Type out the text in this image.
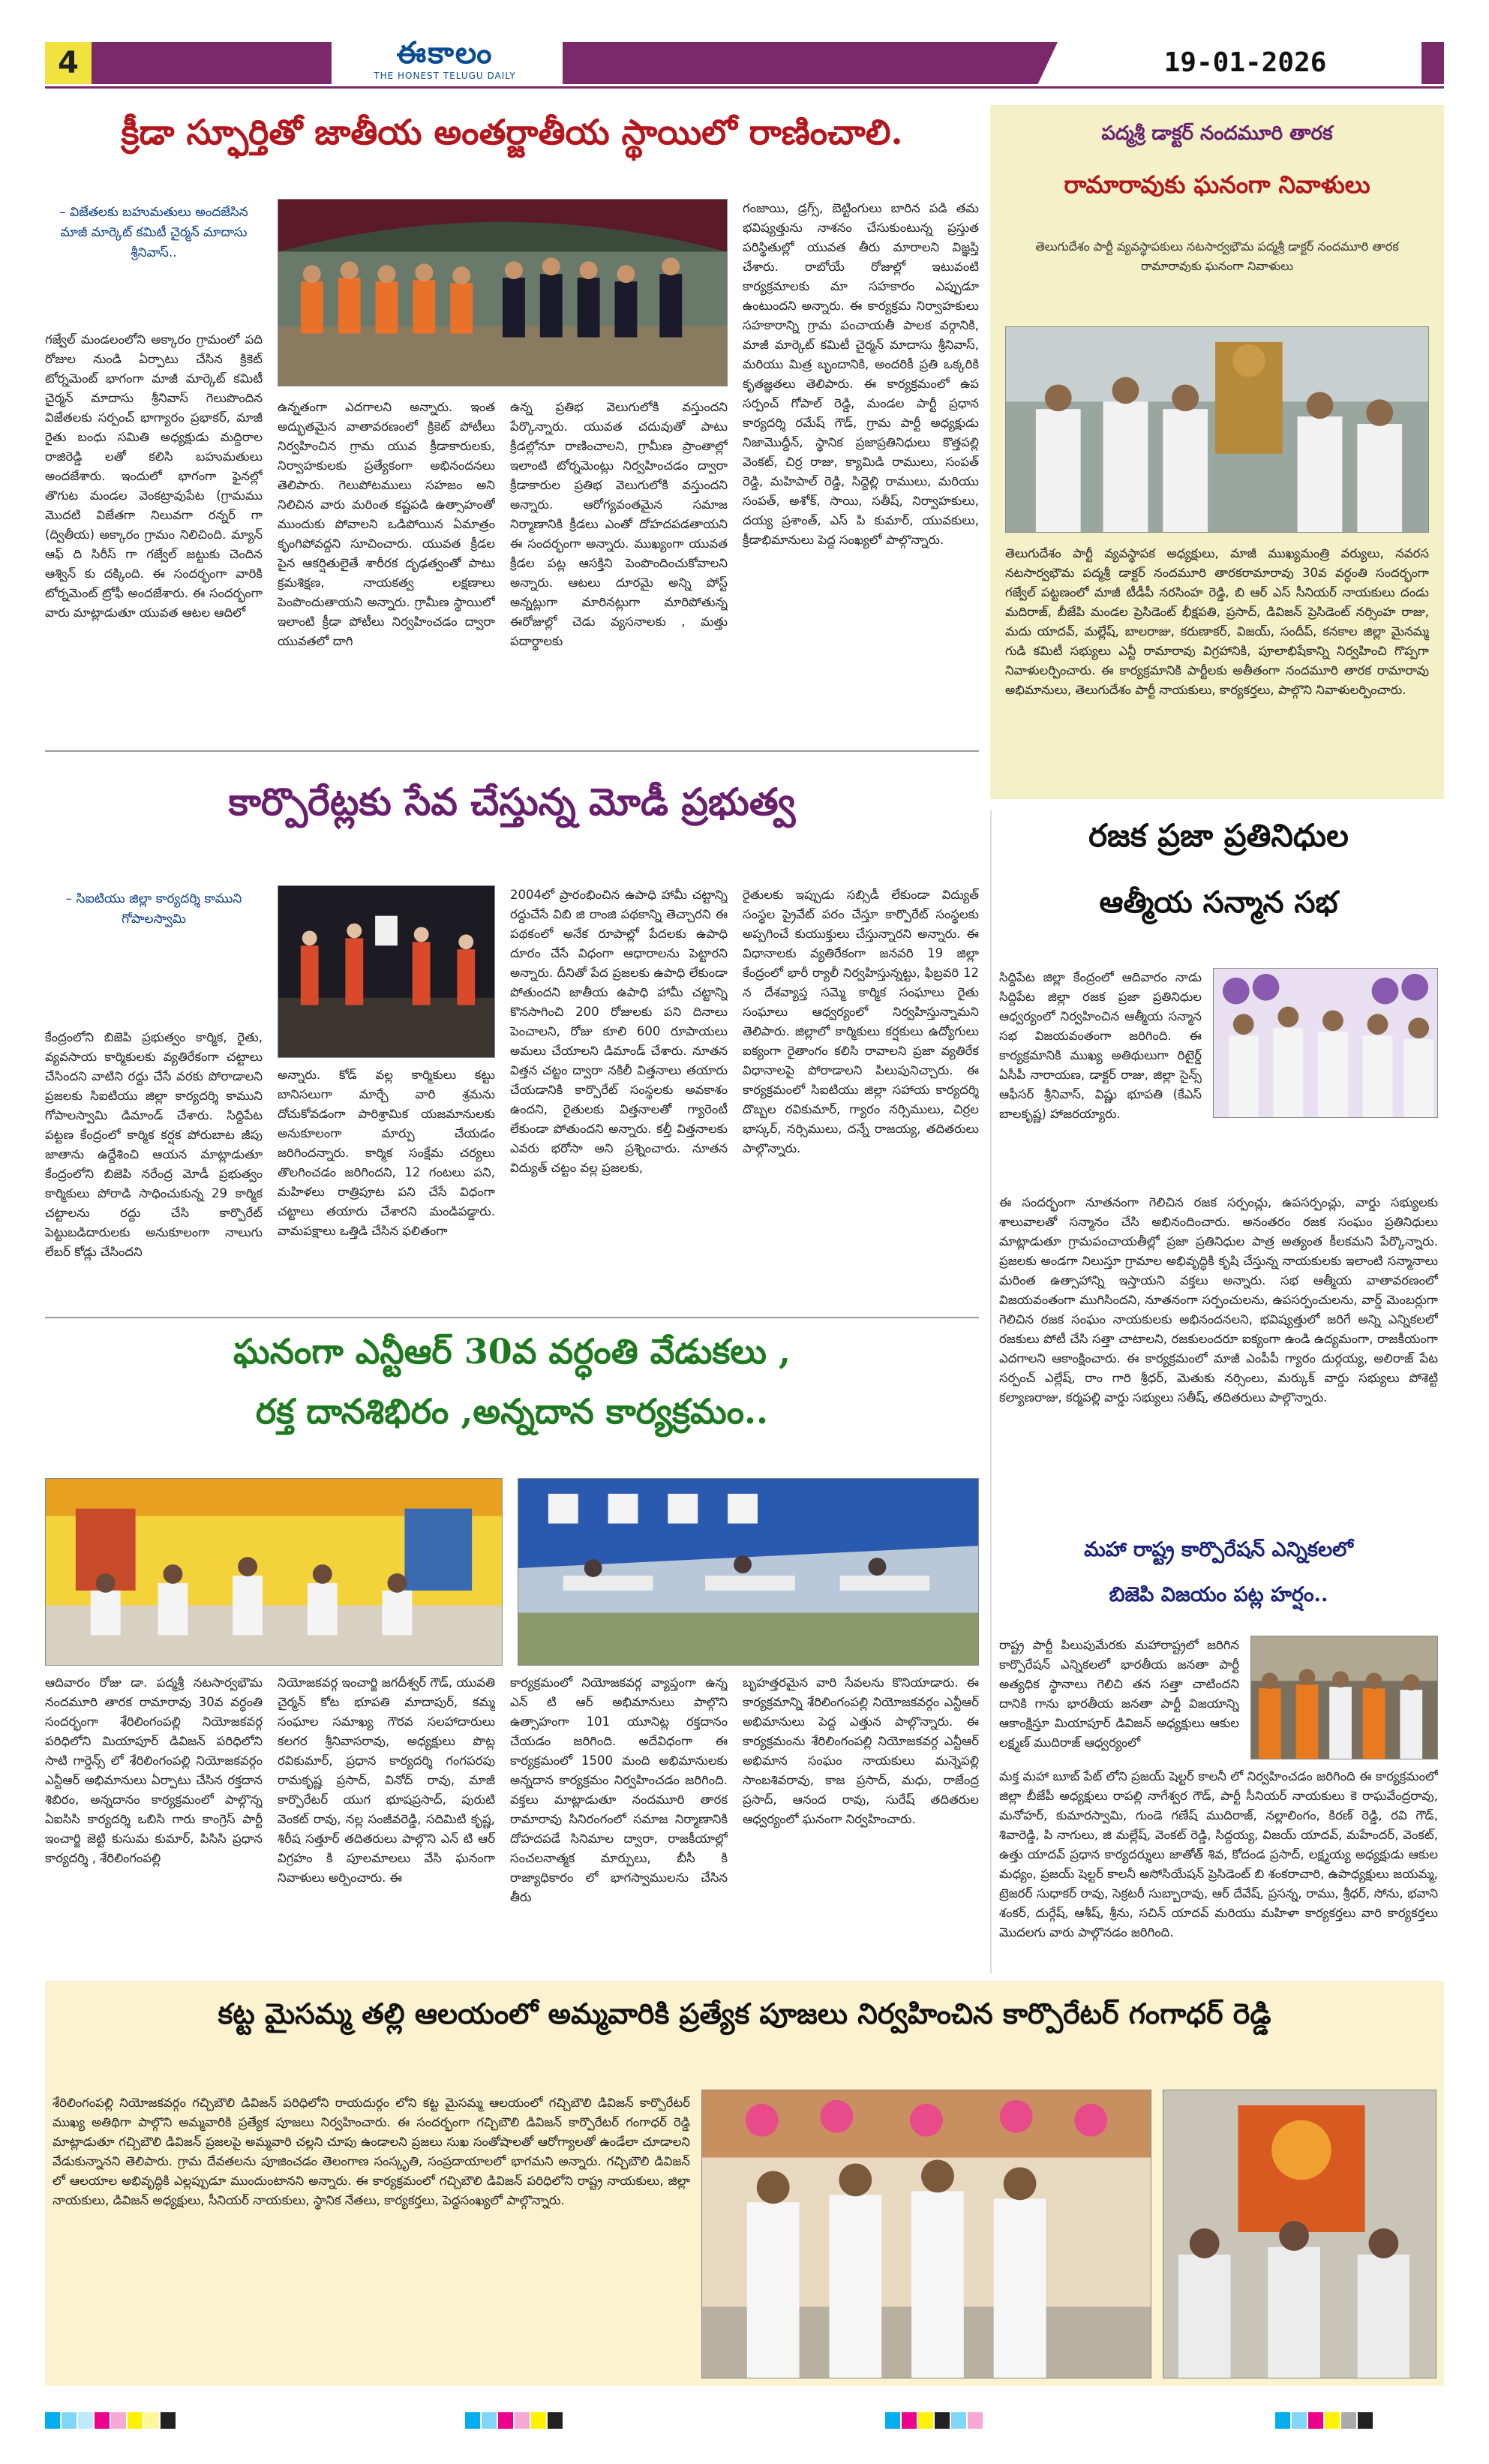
4	ఈకాలం
THE HONEST TELUGU DAILY	19-01-2026
క్రీడా స్ఫూర్తితో జాతీయ అంతర్జాతీయ స్థాయిలో రాణించాలి.
– విజేతలకు బహుమతులు అందజేసిన మాజీ మార్కెట్ కమిటీ చైర్మన్ మాదాసు శ్రీనివాస్..
గజ్వేల్ మండలంలోని అక్కారం గ్రామంలో పది రోజుల నుండి ఏర్పాటు చేసిన క్రికెట్ టోర్నమెంట్ భాగంగా మాజీ మార్కెట్ కమిటీ చైర్మన్ మాదాసు శ్రీనివాస్ గెలుపొందిన విజేతలకు సర్పంచ్ భాగ్యారం ప్రభాకర్, మాజీ రైతు బంధు సమితి అధ్యక్షుడు మద్దిరాల రాజిరెడ్డి లతో కలిసి బహుమతులు అందజేశారు. ఇందులో భాగంగా ఫైనల్లో తొగుట మండల వెంకట్రావుపేట (గ్రామము మొదటి విజేతగా నిలువగా రన్నర్ గా (ద్వితీయ) అక్కారం గ్రామం నిలిచింది. మ్యాన్ ఆఫ్ ది సిరీస్ గా గజ్వేల్ జట్టుకు చెందిన ఆశ్విన్ కు దక్కింది. ఈ సందర్భంగా వారికి టోర్నమెంట్ ట్రోఫీ అందజేశారు. ఈ సందర్భంగా వారు మాట్లాడుతూ యువత ఆటల ఆదిలో
ఉన్నతంగా ఎదగాలని అన్నారు. ఇంత అద్భుతమైన వాతావరణంలో క్రికెట్ పోటీలు నిర్వహించిన గ్రామ యువ క్రీడాకారులకు, నిర్వాహకులకు ప్రత్యేకంగా అభినందనలు తెలిపారు. గెలుపోటములు సహజం అని నిలిచిన వారు మరింత కష్టపడి ఉత్సాహంతో ముందుకు పోవాలని ఒడిపోయిన ఏమాత్రం కృంగిపోవద్దని సూచించారు. యువత క్రీడల పైన ఆకర్షితులైతే శారీరక దృఢత్వంతో పాటు క్రమశిక్షణ, నాయకత్వ లక్షణాలు పెంపొందుతాయని అన్నారు. గ్రామీణ స్థాయిలో ఇలాంటి క్రీడా పోటీలు నిర్వహించడం ద్వారా యువతలో దాగి
ఉన్న ప్రతిభ వెలుగులోకి వస్తుందని పేర్కొన్నారు. యువత చదువుతో పాటు క్రీడల్లోనూ రాణించాలని, గ్రామీణ ప్రాంతాల్లో ఇలాంటి టోర్నమెంట్లు నిర్వహించడం ద్వారా క్రీడాకారుల ప్రతిభ వెలుగులోకి వస్తుందని అన్నారు. ఆరోగ్యవంతమైన సమాజ నిర్మాణానికి క్రీడలు ఎంతో దోహదపడతాయని ఈ సందర్భంగా అన్నారు. ముఖ్యంగా యువత క్రీడల పట్ల ఆసక్తిని పెంపొందించుకోవాలని అన్నారు. ఆటలు దూరమై అన్ని పోస్ట్ అన్నట్లుగా మారినట్లుగా మారిపోతున్న ఈరోజుల్లో చెడు వ్యసనాలకు , మత్తు పదార్థాలకు
గంజాయి, డ్రగ్స్, బెట్టింగులు బారిన పడి తమ భవిష్యత్తును నాశనం చేసుకుంటున్న ప్రస్తుత పరిస్థితుల్లో యువత తీరు మారాలని విజ్ఞప్తి చేశారు. రాబోయే రోజుల్లో ఇటువంటి కార్యక్రమాలకు మా సహకారం ఎప్పుడూ ఉంటుందని అన్నారు. ఈ కార్యక్రమ నిర్వాహకులు సహకారాన్ని గ్రామ పంచాయతీ పాలక వర్గానికి, మాజీ మార్కెట్ కమిటీ చైర్మన్ మాదాసు శ్రీనివాస్, మరియు మిత్ర బృందానికి, అందరికీ ప్రతి ఒక్కరికి కృతజ్ఞతలు తెలిపారు. ఈ కార్యక్రమంలో ఉప సర్పంచ్ గోపాల్ రెడ్డి, మండల పార్టీ ప్రధాన కార్యదర్శి రమేష్ గౌడ్, గ్రామ పార్టీ అధ్యక్షుడు నిజామొద్దీన్, స్థానిక ప్రజాప్రతినిధులు కొత్తపల్లి వెంకట్, చిర్ర రాజు, క్యామిడి రాములు, సంపత్ రెడ్డి, మహిపాల్ రెడ్డి, సిద్దెల్లి రాములు, మరియు సంపత్, అశోక్, సాయి, సతీష్, నిర్వాహకులు, దయ్య ప్రశాంత్, ఎస్ పి కుమార్, యువకులు, క్రీడాభిమానులు పెద్ద సంఖ్యలో పాల్గొన్నారు.
పద్మశ్రీ డాక్టర్ నందమూరి తారక
రామారావుకు ఘనంగా నివాళులు
తెలుగుదేశం పార్టీ వ్యవస్థాపకులు నటసార్వభౌమ పద్మశ్రీ డాక్టర్ నందమూరి తారక రామారావుకు ఘనంగా నివాళులు
తెలుగుదేశం పార్టీ వ్యవస్థాపక అధ్యక్షులు, మాజీ ముఖ్యమంత్రి వర్యులు, నవరస నటసార్వభౌమ పద్మశ్రీ డాక్టర్ నందమూరి తారకరామారావు 30వ వర్ధంతి సందర్భంగా గజ్వేల్ పట్టణంలో మాజీ టీడీపీ నరసింహ రెడ్డి, బి ఆర్ ఎస్ సీనియర్ నాయకులు దండు మదిరాజ్, బీజేపి మండల ప్రెసిడెంట్ భీక్షపతి, ప్రసాద్, డివిజన్ ప్రెసిడెంట్ నర్సింహ రాజు, మదు యాదవ్, మల్లేష్, బాలరాజు, కరుణాకర్, విజయ్, సందీప్, కనకాల జిల్లా మైనమ్మ గుడి కమిటీ సభ్యులు ఎన్టీ రామారావు విగ్రహానికి, పూలాభిషేకాన్ని నిర్వహించి గొప్పగా నివాళులర్పించారు. ఈ కార్యక్రమానికి పార్టీలకు అతీతంగా నందమూరి తారక రామారావు అభిమానులు, తెలుగుదేశం పార్టీ నాయకులు, కార్యకర్తలు, పాల్గొని నివాళులర్పించారు.
కార్పొరేట్లకు సేవ చేస్తున్న మోడీ ప్రభుత్వ
– సిఐటియు జిల్లా కార్యదర్శి కాముని గోపాలస్వామి
కేంద్రంలోని బిజెపి ప్రభుత్వం కార్మిక, రైతు, వ్యవసాయ కార్మికులకు వ్యతిరేకంగా చట్టాలు చేసిందని వాటిని రద్దు చేసే వరకు పోరాడాలని ప్రజలకు సిఐటియు జిల్లా కార్యదర్శి కాముని గోపాలస్వామి డిమాండ్ చేశారు. సిద్దిపేట పట్టణ కేంద్రంలో కార్మిక కర్షక పోరుబాట జీపు జాతాను ఉద్దేశించి ఆయన మాట్లాడుతూ కేంద్రంలోని బిజెపి నరేంద్ర మోడీ ప్రభుత్వం కార్మికులు పోరాడి సాధించుకున్న 29 కార్మిక చట్టాలను రద్దు చేసి కార్పొరేట్ పెట్టుబడిదారులకు అనుకూలంగా నాలుగు లేబర్ కోడ్లు చేసిందని
అన్నారు. కోడ్ వల్ల కార్మికులు కట్టు బానిసలుగా మార్చే వారి శ్రమను దోచుకోవడంగా పారిశ్రామిక యజమానులకు అనుకూలంగా మార్పు చేయడం జరిగిందన్నారు. కార్మిక సంక్షేమ చర్యలు తొలగించడం జరిగిందని, 12 గంటలు పని, మహిళలు రాత్రిపూట పని చేసే విధంగా చట్టాలు తయారు చేశారని మండిపడ్డారు. వామపక్షాలు ఒత్తిడి చేసిన ఫలితంగా
2004లో ప్రారంభించిన ఉపాధి హామీ చట్టాన్ని రద్దుచేసే విబి జి రాంజి పథకాన్ని తెచ్చారని ఈ పథకంలో అనేక రూపాల్లో పేదలకు ఉపాధి దూరం చేసే విధంగా ఆధారాలను పెట్టారని అన్నారు. దీనితో పేద ప్రజలకు ఉపాధి లేకుండా పోతుందని జాతీయ ఉపాధి హామీ చట్టాన్ని కొనసాగించి 200 రోజులకు పని దినాలు పెంచాలని, రోజు కూలి 600 రూపాయలు అమలు చేయాలని డిమాండ్ చేశారు. నూతన విత్తన చట్టం ద్వారా నకిలీ విత్తనాలు తయారు చేయడానికి కార్పొరేట్ సంస్థలకు అవకాశం ఉందని, రైతులకు విత్తనాలతో గ్యారెంటీ లేకుండా పోతుందని అన్నారు. కల్తీ విత్తనాలకు ఎవరు భరోసా అని ప్రశ్నించారు. నూతన విద్యుత్ చట్టం వల్ల ప్రజలకు,
రైతులకు ఇప్పుడు సబ్సిడీ లేకుండా విద్యుత్ సంస్థల ప్రైవేట్ పరం చేస్తూ కార్పొరేట్ సంస్థలకు అప్పగించే కుయుక్తులు చేస్తున్నారని అన్నారు. ఈ విధానాలకు వ్యతిరేకంగా జనవరి 19 జిల్లా కేంద్రంలో భారీ ర్యాలీ నిర్వహిస్తున్నట్టు, ఫిబ్రవరి 12 న దేశవ్యాప్త సమ్మె కార్మిక సంఘాలు రైతు సంఘాలు ఆధ్వర్యంలో నిర్వహిస్తున్నామని తెలిపారు. జిల్లాలో కార్మికులు కర్షకులు ఉద్యోగులు ఐక్యంగా రైతాంగం కలిసి రావాలని ప్రజా వ్యతిరేక విధానాలపై పోరాడాలని పిలుపునిచ్చారు. ఈ కార్యక్రమంలో సిఐటియు జిల్లా సహాయ కార్యదర్శి దొబ్బల రవికుమార్, గ్యారం నర్సిములు, చిర్రల భాస్కర్, నర్సిములు, దన్నే రాజయ్య, తదితరులు పాల్గొన్నారు.
రజక ప్రజా ప్రతినిధుల
ఆత్మీయ సన్మాన సభ
సిద్దిపేట జిల్లా కేంద్రంలో ఆదివారం నాడు సిద్దిపేట జిల్లా రజక ప్రజా ప్రతినిధుల ఆధ్వర్యంలో నిర్వహించిన ఆత్మీయ సన్మాన సభ విజయవంతంగా జరిగింది. ఈ కార్యక్రమానికి ముఖ్య అతిథులుగా రిటైర్డ్ ఏసీపీ నారాయణ, డాక్టర్ రాజు, జిల్లా సైన్స్ ఆఫీసర్ శ్రీనివాస్, విష్ణు భూపతి (కేఎస్ బాలకృష్ణ) హాజరయ్యారు.
ఈ సందర్భంగా నూతనంగా గెలిచిన రజక సర్పంచ్లు, ఉపసర్పంచ్లు, వార్డు సభ్యులకు శాలువాలతో సన్మానం చేసి అభినందించారు. అనంతరం రజక సంఘం ప్రతినిధులు మాట్లాడుతూ గ్రామపంచాయతీల్లో ప్రజా ప్రతినిధుల పాత్ర అత్యంత కీలకమని పేర్కొన్నారు. ప్రజలకు అండగా నిలుస్తూ గ్రామాల అభివృద్ధికి కృషి చేస్తున్న నాయకులకు ఇలాంటి సన్మానాలు మరింత ఉత్సాహాన్ని ఇస్తాయని వక్తలు అన్నారు. సభ ఆత్మీయ వాతావరణంలో విజయవంతంగా ముగిసిందని, నూతనంగా సర్పంచులను, ఉపసర్పంచులను, వార్డ్ మెంబర్లుగా గెలిచిన రజక సంఘం నాయకులకు అభినందనలని, భవిష్యత్తులో జరిగే అన్ని ఎన్నికలలో రజకులు పోటీ చేసి సత్తా చాటాలని, రజకులందరూ ఐక్యంగా ఉండి ఉద్యమంగా, రాజకీయంగా ఎదగాలని ఆకాంక్షించారు. ఈ కార్యక్రమంలో మాజీ ఎంపీపీ గ్యారం దుర్గయ్య, అలిరాజ్ పేట సర్పంచ్ ఎల్లేష్, రాం గారి శ్రీధర్, మెతుకు నర్సింలు, మర్కుక్ వార్డు సభ్యులు పోశెట్టి కల్యాణరాజు, కర్మపల్లి వార్డు సభ్యులు సతీష్, తదితరులు పాల్గొన్నారు.
మహా రాష్ట్ర కార్పొరేషన్ ఎన్నికలలో
బిజెపి విజయం పట్ల హర్షం..
రాష్ట్ర పార్టీ పిలుపుమేరకు మహారాష్ట్రలో జరిగిన కార్పొరేషన్ ఎన్నికలలో భారతీయ జనతా పార్టీ అత్యధిక స్థానాలు గెలిచి తన సత్తా చాటిందని దానికి గాను భారతీయ జనతా పార్టీ విజయాన్ని ఆకాంక్షిస్తూ మియాపూర్ డివిజన్ అధ్యక్షులు ఆకుల లక్ష్మణ్ ముదిరాజ్ ఆధ్వర్యంలో
మక్త మహా బూబ్ పేట్ లోని ప్రజయ్ షెల్టర్ కాలనీ లో నిర్వహించడం జరిగింది ఈ కార్యక్రమంలో జిల్లా బీజేపీ అధ్యక్షులు రాపల్లి నాగేశ్వర గౌడ్, పార్టీ సీనియర్ నాయకులు కె రాఘవేంద్రరావు, మనోహర్, కుమారస్వామి, గుండె గణేష్ ముదిరాజ్, నల్లాలింగం, కిరణ్ రెడ్డి, రవి గౌడ్, శివారెడ్డి, పి నాగులు, జి మల్లేష్, వెంకట్ రెడ్డి, సిద్దయ్య, విజయ్ యాదవ్, మహేందర్, వెంకట్, ఉత్తు యాదవ్ ప్రధాన కార్యదర్శులు జాతోత్ శివ, కోదండ ప్రసాద్, లక్ష్మయ్య అధ్యక్షుడు ఆకుల మధ్యం, ప్రజయ్ షెల్టర్ కాలనీ అసోసియేషన్ ప్రెసిడెంట్ బి శంకరాచారి, ఉపాధ్యక్షులు జయమ్మ, ట్రెజరర్ సుధాకర్ రావు, సెక్రటరీ సుబ్బారావు, ఆర్ దేవేష్, ప్రసన్న, రాము, శ్రీధర్, సోను, భవాని శంకర్, దుర్గేష్, ఆశీష్, శ్రీను, సచిన్ యాదవ్ మరియు మహిళా కార్యకర్తలు వారి కార్యకర్తలు మొదలగు వారు పాల్గొనడం జరిగింది.
ఘనంగా ఎన్టీఆర్ 30వ వర్ధంతి వేడుకలు ,
రక్త దానశిభిరం ,అన్నదాన కార్యక్రమం..
ఆదివారం రోజు డా. పద్మశ్రీ నటసార్వభౌమ నందమూరి తారక రామారావు 30వ వర్ధంతి సందర్భంగా శేరిలింగంపల్లి నియోజకవర్గ పరిధిలోని మియాపూర్ డివిజన్ పరిధిలోని సాటి గార్డెన్స్ లో శేరిలింగంపల్లి నియోజకవర్గం ఎన్టీఆర్ అభిమానులు ఏర్పాటు చేసిన రక్తదాన శిబిరం, అన్నదానం కార్యక్రమంలో పాల్గొన్న ఏఐసిసి కార్యదర్శి ఒబిసి గారు కాంగ్రెస్ పార్టీ ఇంచార్జి జెట్టి కుసుమ కుమార్, పిసిసి ప్రధాన కార్యదర్శి , శేరిలింగంపల్లి
నియోజకవర్గ ఇంచార్జి జగదీశ్వర్ గౌడ్, యువతి చైర్మన్ కోట భూపతి మాదాపుర్, కమ్మ సంఘాల సమాఖ్య గౌరవ సలహాదారులు కలగర శ్రీనివాసరావు, అధ్యక్షులు పొట్ల రవికుమార్, ప్రధాన కార్యదర్శి గంగపరపు రామకృష్ణ ప్రసాద్, వినోద్ రావు, మాజీ కార్పొరేటర్ యుగ భూషప్రసాద్, పురుటి వెంకట్ రావు, నల్ల సంజీవరెడ్డి, సదిమిటి కృష్ణ, శిరీష సత్తూర్ తదితరులు పాల్గొని ఎన్ టి ఆర్ విగ్రహం కి పూలమాలలు వేసి ఘనంగా నివాళులు అర్పించారు. ఈ
కార్యక్రమంలో నియోజకవర్గ వ్యాప్తంగా ఉన్న ఎన్ టి ఆర్ అభిమానులు పాల్గొని ఉత్సాహంగా 101 యూనిట్ల రక్తదానం చేయడం జరిగింది. అదేవిధంగా ఈ కార్యక్రమంలో 1500 మంది అభిమానులకు అన్నదాన కార్యక్రమం నిర్వహించడం జరిగింది. వక్తలు మాట్లాడుతూ నందమూరి తారక రామారావు సినిరంగంలో సమాజ నిర్మాణానికి దోహదపడే సినిమాల ద్వారా, రాజకీయాల్లో సంచలనాత్మక మార్పులు, బీసీ కి రాజ్యాధికారం లో భాగస్వాములను చేసిన తీరు
బృహత్తరమైన వారి సేవలను కొనియాడారు. ఈ కార్యక్రమాన్ని శేరిలింగంపల్లి నియోజకవర్గం ఎన్టీఆర్ అభిమానులు పెద్ద ఎత్తున పాల్గొన్నారు. ఈ కార్యక్రమంను శేరిలింగంపల్లి నియోజకవర్గ ఎన్టీఆర్ అభిమాన సంఘం నాయకులు మన్నెపల్లి సాంబశివరావు, కాజ ప్రసాద్, మధు, రాజేంద్ర ప్రసాద్, ఆనంద రావు, సురేష్ తదితరుల ఆధ్వర్యంలో ఘనంగా నిర్వహించారు.
కట్ట మైసమ్మ తల్లి ఆలయంలో అమ్మవారికి ప్రత్యేక పూజలు నిర్వహించిన కార్పొరేటర్ గంగాధర్ రెడ్డి
శేరిలింగంపల్లి నియోజకవర్గం గచ్చిబౌలి డివిజన్ పరిధిలోని రాయదుర్గం లోని కట్ట మైసమ్మ ఆలయంలో గచ్చిబౌలి డివిజన్ కార్పొరేటర్ ముఖ్య అతిథిగా పాల్గొని అమ్మవారికి ప్రత్యేక పూజలు నిర్వహించారు. ఈ సందర్భంగా గచ్చిబౌలి డివిజన్ కార్పొరేటర్ గంగాధర్ రెడ్డి మాట్లాడుతూ గచ్చిబౌలి డివిజన్ ప్రజలపై అమ్మవారి చల్లని చూపు ఉండాలని ప్రజలు సుఖ సంతోషాలతో ఆరోగ్యాలతో ఉండేలా చూడాలని వేడుకున్నానని తెలిపారు. గ్రామ దేవతలను పూజించడం తెలంగాణ సంస్కృతి, సంప్రదాయాలలో భాగమని అన్నారు. గచ్చిబౌలి డివిజన్ లో ఆలయాల అభివృద్ధికి ఎల్లప్పుడూ ముందుంటానని అన్నారు. ఈ కార్యక్రమంలో గచ్చిబౌలి డివిజన్ పరిధిలోని రాష్ట్ర నాయకులు, జిల్లా నాయకులు, డివిజన్ అధ్యక్షులు, సీనియర్ నాయకులు, స్థానిక నేతలు, కార్యకర్తలు, పెద్దసంఖ్యలో పాల్గొన్నారు.
